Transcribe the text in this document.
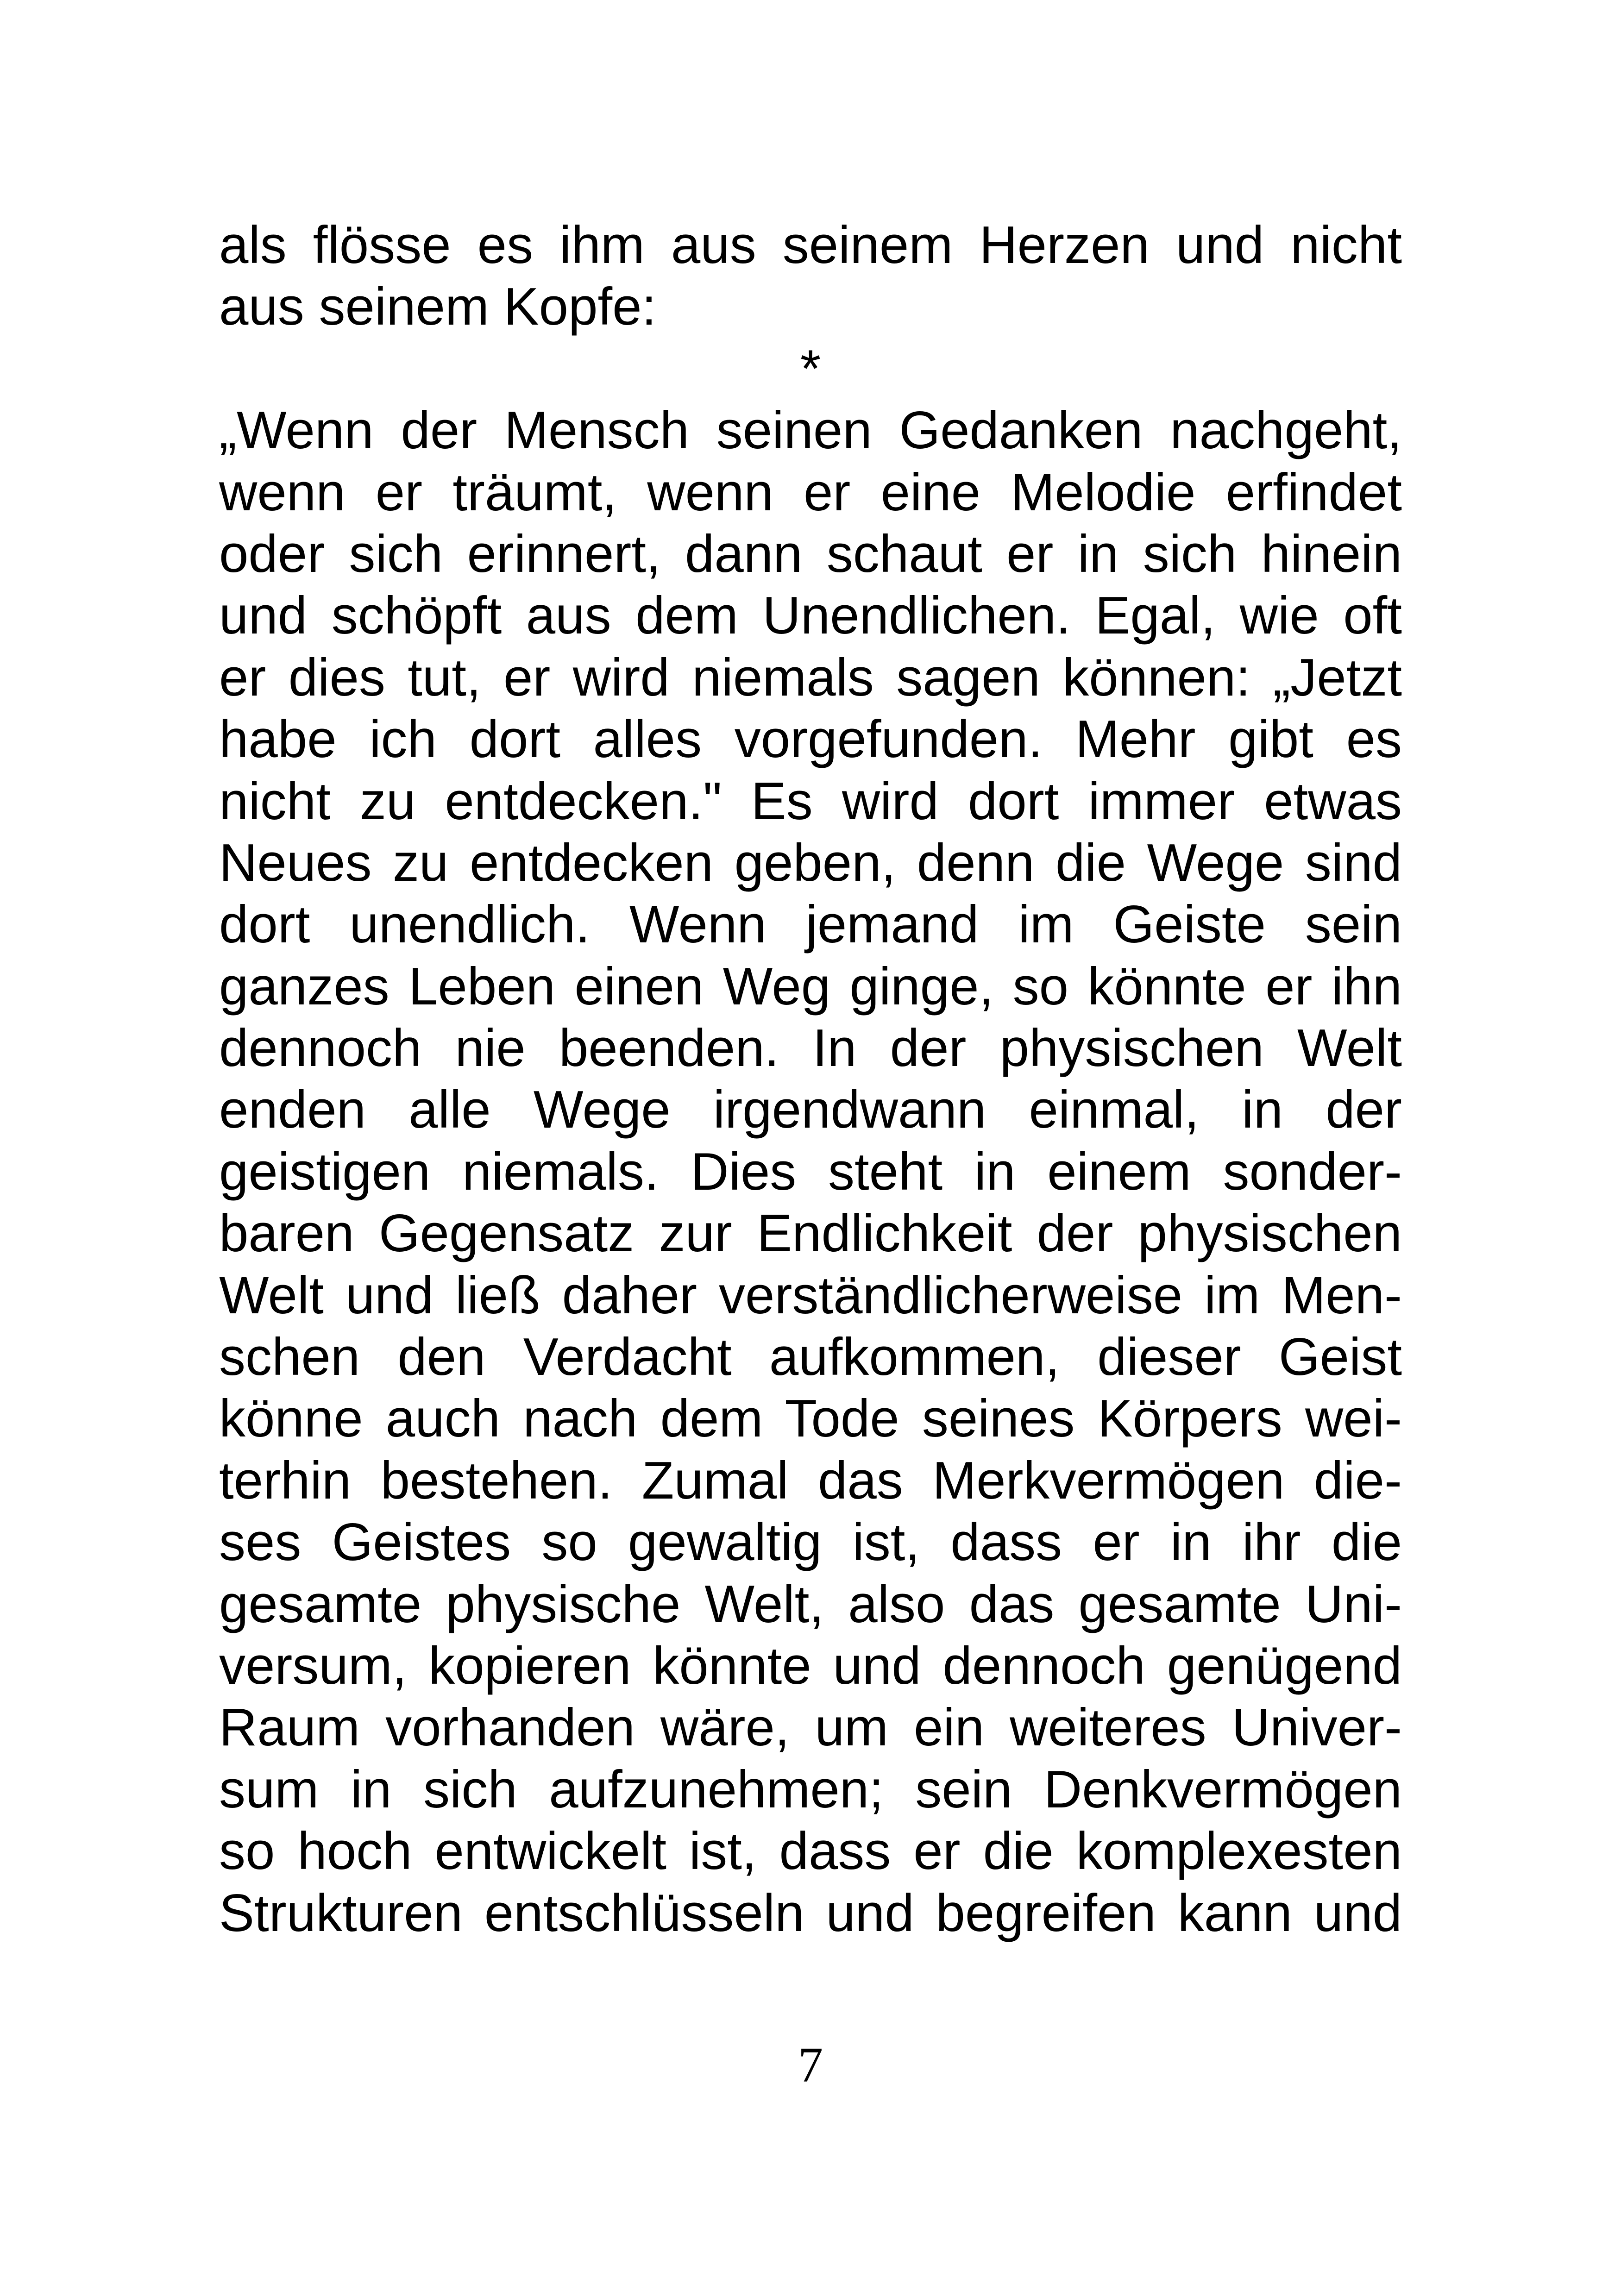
als flösse es ihm aus seinem Herzen und nicht
aus seinem Kopfe:
*
„Wenn der Mensch seinen Gedanken nachgeht,
wenn er träumt, wenn er eine Melodie erfindet
oder sich erinnert, dann schaut er in sich hinein
und schöpft aus dem Unendlichen. Egal, wie oft
er dies tut, er wird niemals sagen können: „Jetzt
habe ich dort alles vorgefunden. Mehr gibt es
nicht zu entdecken." Es wird dort immer etwas
Neues zu entdecken geben, denn die Wege sind
dort unendlich. Wenn jemand im Geiste sein
ganzes Leben einen Weg ginge, so könnte er ihn
dennoch nie beenden. In der physischen Welt
enden alle Wege irgendwann einmal, in der
geistigen niemals. Dies steht in einem sonder-
baren Gegensatz zur Endlichkeit der physischen
Welt und ließ daher verständlicherweise im Men-
schen den Verdacht aufkommen, dieser Geist
könne auch nach dem Tode seines Körpers wei-
terhin bestehen. Zumal das Merkvermögen die-
ses Geistes so gewaltig ist, dass er in ihr die
gesamte physische Welt, also das gesamte Uni-
versum, kopieren könnte und dennoch genügend
Raum vorhanden wäre, um ein weiteres Univer-
sum in sich aufzunehmen; sein Denkvermögen
so hoch entwickelt ist, dass er die komplexesten
Strukturen entschlüsseln und begreifen kann und
7
